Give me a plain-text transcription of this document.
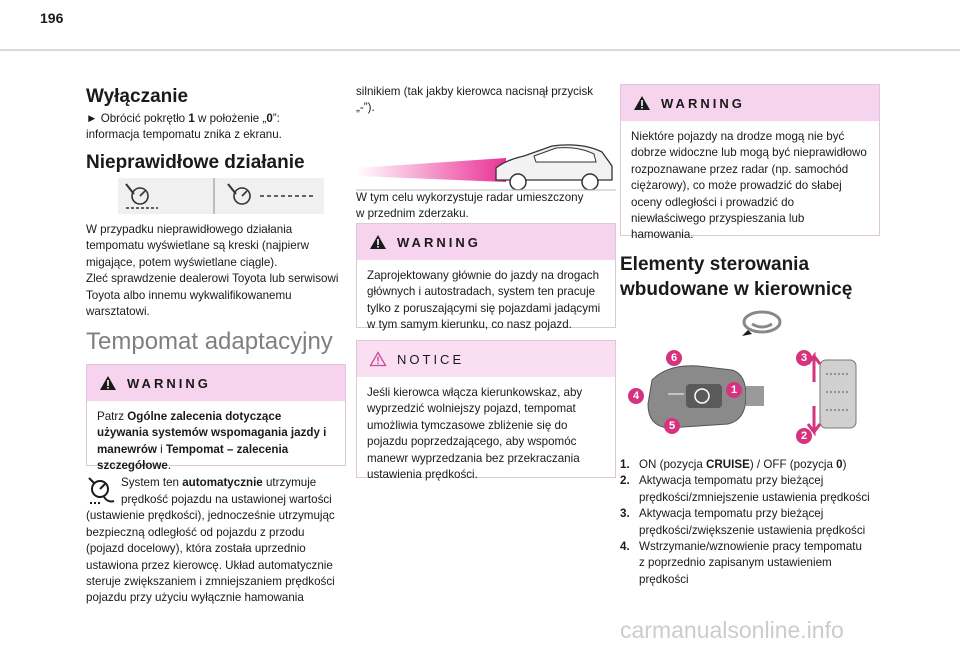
196
Wyłączanie

► Obrócić pokrętło 1 w położenie „0”:
informacja tempomatu znika z ekranu.

Nieprawidłowe działanie

W przypadku nieprawidłowego działania

tempomatu wyświetlane są kreski (najpierw

migające, potem wyświetlane ciągle).

Zleć sprawdzenie dealerowi Toyota lub serwisowi

Toyota albo innemu wykwalifikowanemu

warsztatowi.

Tempomat adaptacyjny
WARNING

Patrz Ogólne zalecenia dotyczące

używania systemów wspomagania jazdy i

manewrów i Tempomat – zalecenia

szczegółowe.

System ten automatycznie utrzymuje

prędkość pojazdu na ustawionej wartości

(ustawienie prędkości), jednocześnie utrzymując

bezpieczną odległość od pojazdu z przodu

(pojazd docelowy), która została uprzednio

ustawiona przez kierowcę. Układ automatycznie

steruje zwiększaniem i zmniejszaniem prędkości

pojazdu przy użyciu wyłącznie hamowania

silnikiem (tak jakby kierowca nacisnął przycisk

„-”).

W tym celu wykorzystuje radar umieszczony

w przednim zderzaku.

WARNING

Zaprojektowany głównie do jazdy na drogach

głównych i autostradach, system ten pracuje

tylko z poruszającymi się pojazdami jadącymi

w tym samym kierunku, co nasz pojazd.

NOTICE

Jeśli kierowca włącza kierunkowskaz, aby

wyprzedzić wolniejszy pojazd, tempomat

umożliwia tymczasowe zbliżenie się do

pojazdu poprzedzającego, aby wspomóc

manewr wyprzedzania bez przekraczania

ustawienia prędkości.

WARNING

Niektóre pojazdy na drodze mogą nie być

dobrze widoczne lub mogą być nieprawidłowo

rozpoznawane przez radar (np. samochód

ciężarowy), co może prowadzić do słabej

oceny odległości i prowadzić do

niewłaściwego przyspieszania lub

hamowania.

Elementy sterowania
wbudowane w kierownicę
6
1
4
5
3
2
1. ON (pozycja CRUISE) / OFF (pozycja 0)
2. Aktywacja tempomatu przy bieżącej
prędkości/zmniejszenie ustawienia prędkości
3. Aktywacja tempomatu przy bieżącej
prędkości/zwiększenie ustawienia prędkości
4. Wstrzymanie/wznowienie pracy tempomatu
z poprzednio zapisanym ustawieniem
prędkości
carmanualsonline.info
